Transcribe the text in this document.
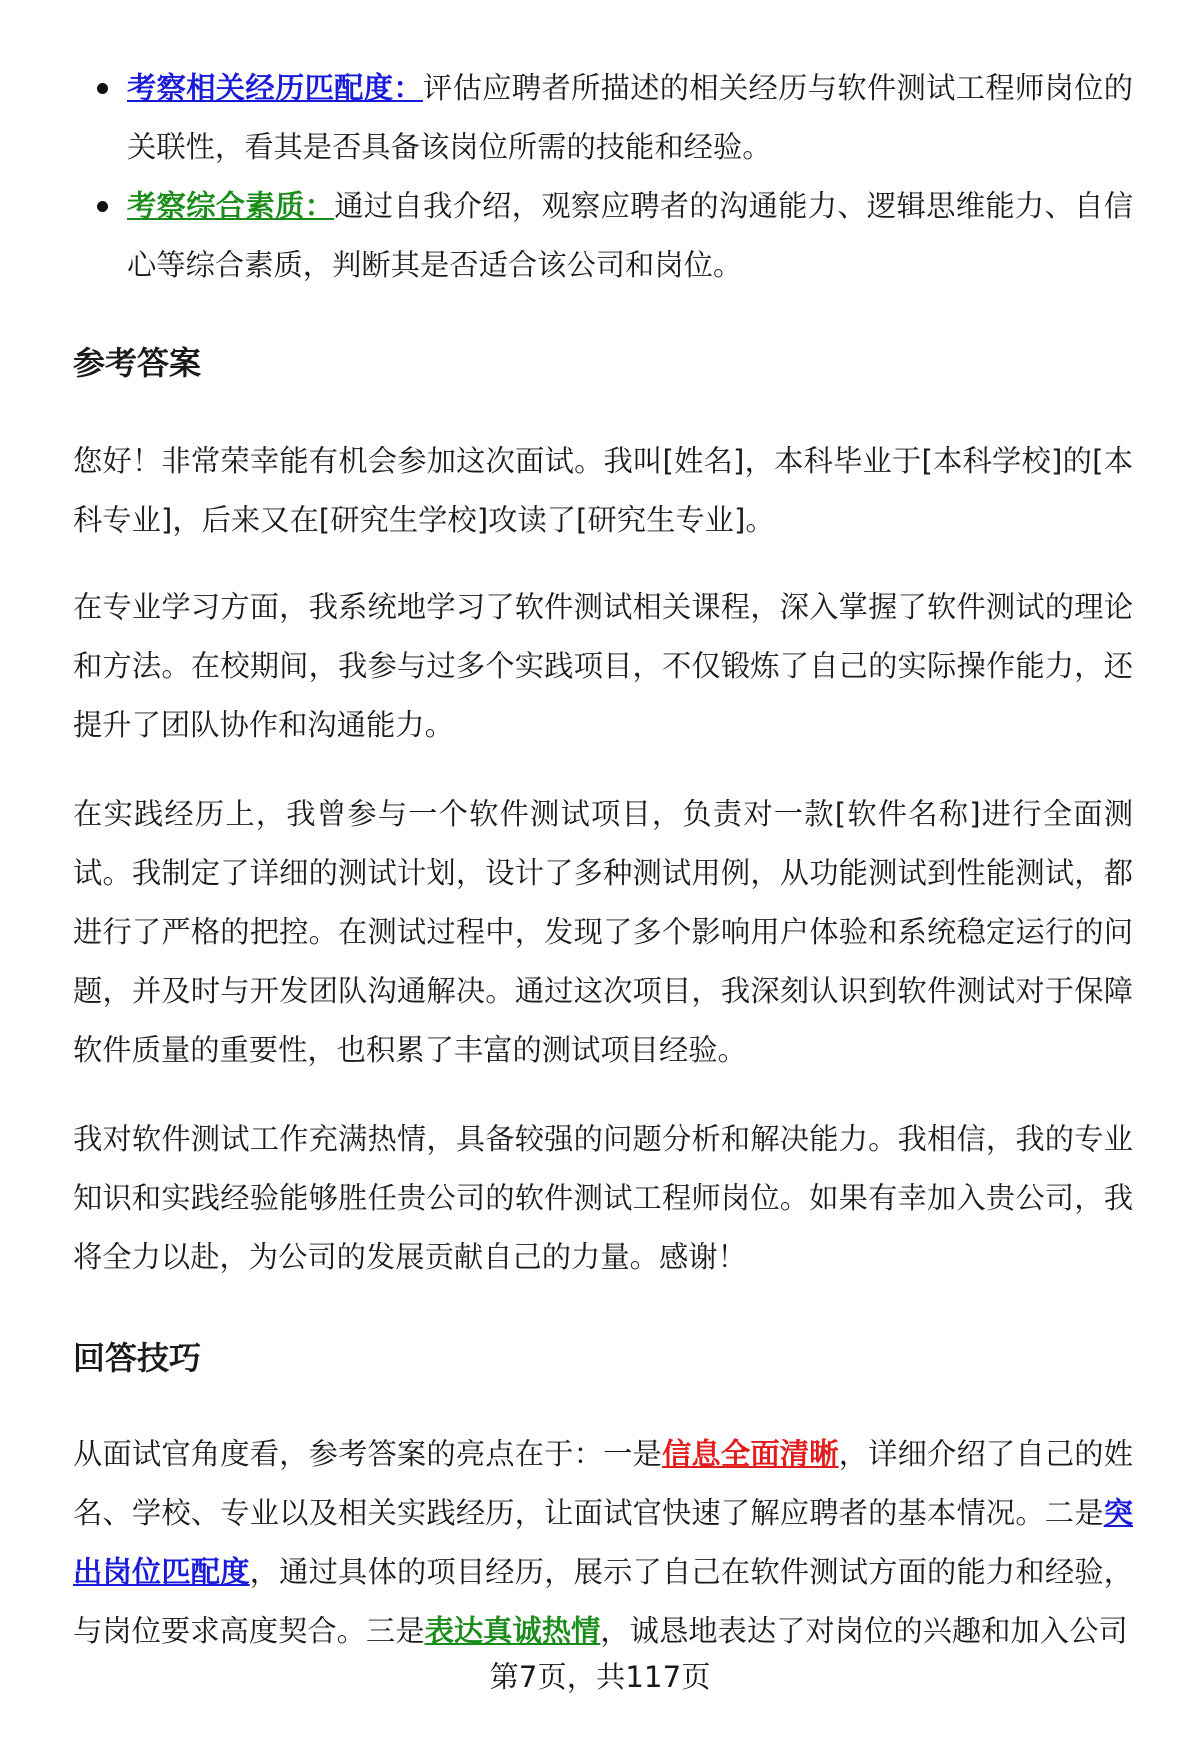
考察相关经历匹配度：评估应聘者所描述的相关经历与软件测试工程师岗位的关联性，看其是否具备该岗位所需的技能和经验。
考察综合素质：通过自我介绍，观察应聘者的沟通能力、逻辑思维能力、自信心等综合素质，判断其是否适合该公司和岗位。
参考答案

您好！非常荣幸能有机会参加这次面试。我叫[姓名]，本科毕业于[本科学校]的[本科专业]，后来又在[研究生学校]攻读了[研究生专业]。

在专业学习方面，我系统地学习了软件测试相关课程，深入掌握了软件测试的理论和方法。在校期间，我参与过多个实践项目，不仅锻炼了自己的实际操作能力，还提升了团队协作和沟通能力。

在实践经历上，我曾参与一个软件测试项目，负责对一款[软件名称]进行全面测试。我制定了详细的测试计划，设计了多种测试用例，从功能测试到性能测试，都进行了严格的把控。在测试过程中，发现了多个影响用户体验和系统稳定运行的问题，并及时与开发团队沟通解决。通过这次项目，我深刻认识到软件测试对于保障软件质量的重要性，也积累了丰富的测试项目经验。

我对软件测试工作充满热情，具备较强的问题分析和解决能力。我相信，我的专业知识和实践经验能够胜任贵公司的软件测试工程师岗位。如果有幸加入贵公司，我将全力以赴，为公司的发展贡献自己的力量。感谢！

回答技巧

从面试官角度看，参考答案的亮点在于：一是信息全面清晰，详细介绍了自己的姓名、学校、专业以及相关实践经历，让面试官快速了解应聘者的基本情况。二是突出岗位匹配度，通过具体的项目经历，展示了自己在软件测试方面的能力和经验，与岗位要求高度契合。三是表达真诚热情，诚恳地表达了对岗位的兴趣和加入公司

第7页，共117页
